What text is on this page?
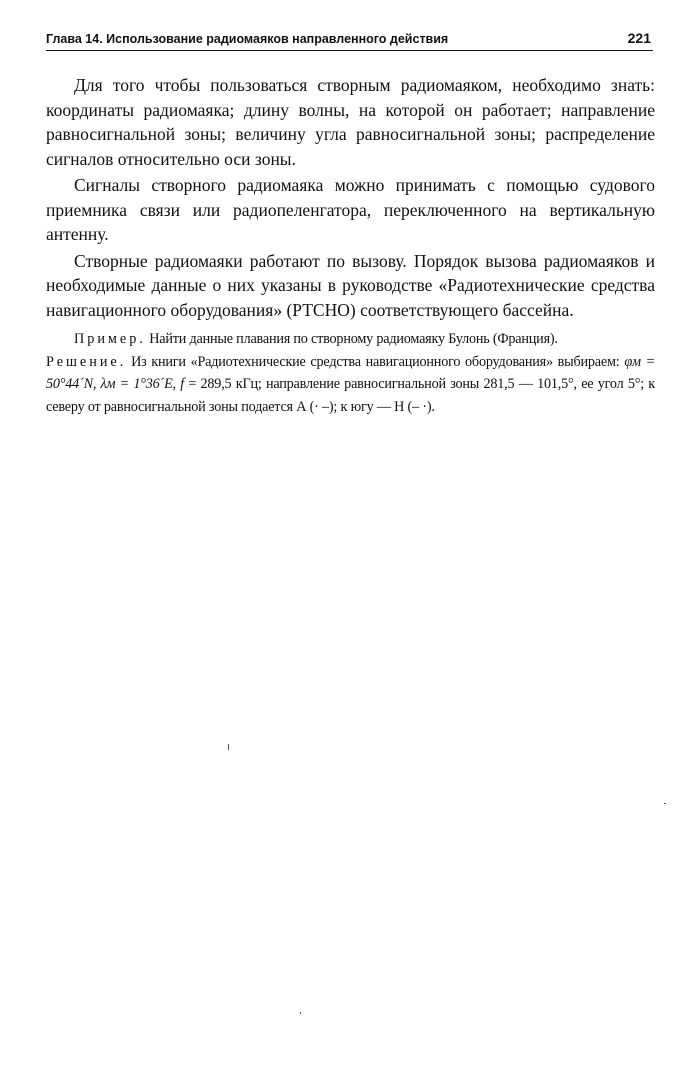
Глава 14. Использование радиомаяков направленного действия	221

Для того чтобы пользоваться створным радиомаяком, необходимо знать: координаты радиомаяка; длину волны, на которой он работает; направление равносигнальной зоны; величину угла равносигнальной зоны; распределение сигналов относительно оси зоны.

Сигналы створного радиомаяка можно принимать с помощью судового приемника связи или радиопеленгатора, переключенного на вертикальную антенну.

Створные радиомаяки работают по вызову. Порядок вызова радиомаяков и необходимые данные о них указаны в руководстве «Радиотехнические средства навигационного оборудования» (РТСНО) соответствующего бассейна.

Пример. Найти данные плавания по створному радиомаяку Булонь (Франция).
Решение. Из книги «Радиотехнические средства навигационного оборудования» выбираем: φм = 50°44´N, λм = 1°36´E, f = 289,5 кГц; направление равносигнальной зоны 281,5 — 101,5°, ее угол 5°; к северу от равносигнальной зоны подается А (· –); к югу — Н (– ·).
